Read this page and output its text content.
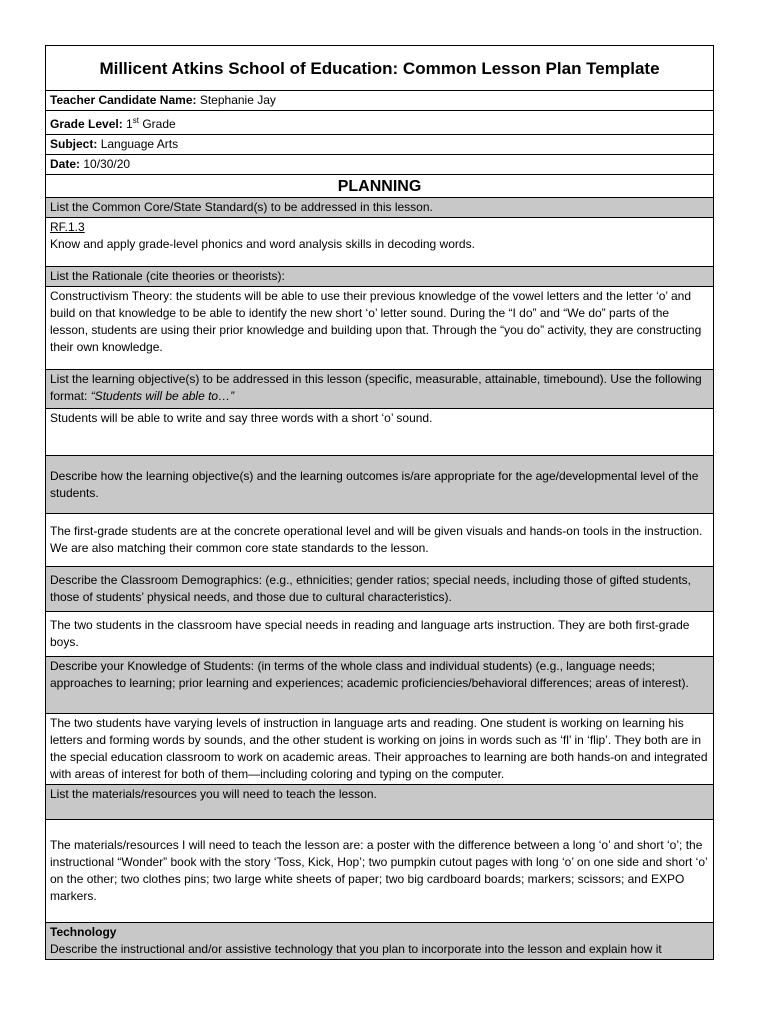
Millicent Atkins School of Education: Common Lesson Plan Template
Teacher Candidate Name: Stephanie Jay
Grade Level: 1st Grade
Subject: Language Arts
Date: 10/30/20
PLANNING
List the Common Core/State Standard(s) to be addressed in this lesson.

RF.1.3
Know and apply grade-level phonics and word analysis skills in decoding words.

List the Rationale (cite theories or theorists):
Constructivism Theory: the students will be able to use their previous knowledge of the vowel letters and the letter ‘o’ and build on that knowledge to be able to identify the new short ‘o’ letter sound. During the “I do” and “We do” parts of the lesson, students are using their prior knowledge and building upon that. Through the “you do” activity, they are constructing their own knowledge.
List the learning objective(s) to be addressed in this lesson (specific, measurable, attainable, timebound). Use the following format: “Students will be able to…”
Students will be able to write and say three words with a short ‘o’ sound.
Describe how the learning objective(s) and the learning outcomes is/are appropriate for the age/developmental level of the students.
The first-grade students are at the concrete operational level and will be given visuals and hands-on tools in the instruction. We are also matching their common core state standards to the lesson.
Describe the Classroom Demographics: (e.g., ethnicities; gender ratios; special needs, including those of gifted students, those of students’ physical needs, and those due to cultural characteristics).
The two students in the classroom have special needs in reading and language arts instruction. They are both first-grade boys.
Describe your Knowledge of Students: (in terms of the whole class and individual students) (e.g., language needs; approaches to learning; prior learning and experiences; academic proficiencies/behavioral differences; areas of interest).
The two students have varying levels of instruction in language arts and reading. One student is working on learning his letters and forming words by sounds, and the other student is working on joins in words such as ‘fl’ in ‘flip’. They both are in the special education classroom to work on academic areas. Their approaches to learning are both hands-on and integrated with areas of interest for both of them—including coloring and typing on the computer.
List the materials/resources you will need to teach the lesson.
The materials/resources I will need to teach the lesson are: a poster with the difference between a long ‘o’ and short ‘o’; the instructional “Wonder” book with the story ‘Toss, Kick, Hop’; two pumpkin cutout pages with long ‘o’ on one side and short ‘o’ on the other; two clothes pins; two large white sheets of paper; two big cardboard boards; markers; scissors; and EXPO markers.

Technology
Describe the instructional and/or assistive technology that you plan to incorporate into the lesson and explain how it
